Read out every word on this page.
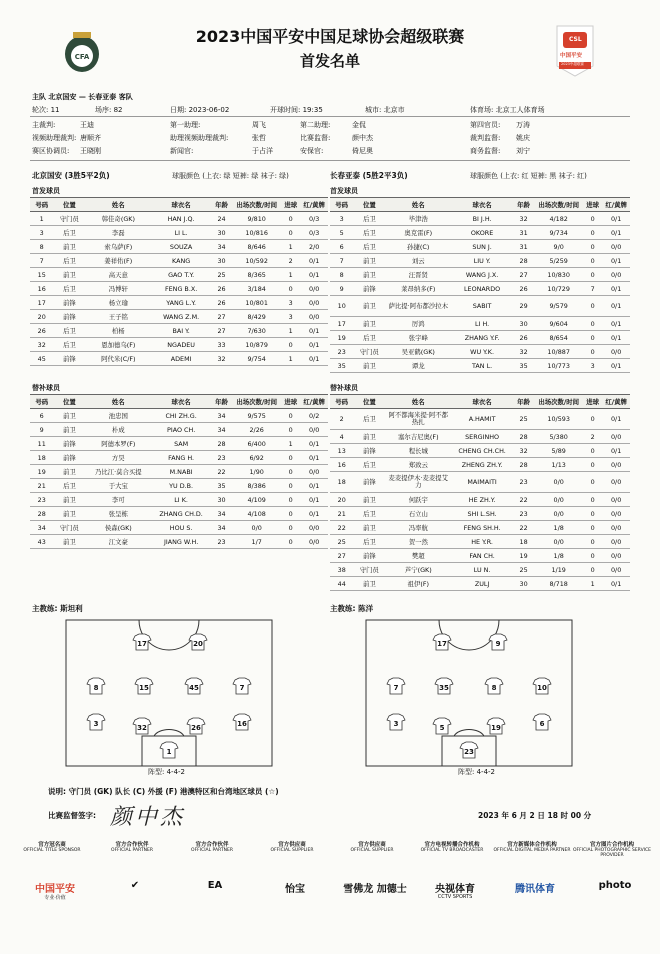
CFA
2023中国平安中国足球协会超级联赛
首发名单	中国平安
CSL
2023中超联赛
主队 北京国安 — 长春亚泰 客队
轮次: 11	场序: 82	日期: 2023-06-02	开球时间: 19:35	城市: 北京市	体育场: 北京工人体育场
主裁判:	王迪	第一助理:	周飞	第二助理:	金侃	第四官员: 万涛
视频助理裁判: 唐顺齐	助理视频助理裁判:	张哲	比赛监督:	颜中杰	裁判监督: 姚庆
赛区协调员: 王晓刚	新闻官:	于占洋	安保官:	倚尼奥	商务监督: 刘宁
北京国安 (3胜5平2负)	球服颜色 (上衣: 绿 短裤: 绿 袜子: 绿)	长春亚泰 (5胜2平3负)	球服颜色 (上衣: 红 短裤: 黑 袜子: 红)
首发球员	首发球员
号码	位置	姓名	球衣名	年龄	出场次数/时间	进球	红/黄牌
1	守门员	韩佳奇(GK)	HAN J.Q.	24	9/810	0	0/3
3	后卫	李磊	LI L.	30	10/816	0	0/3
8	前卫	索乌萨(F)	SOUZA	34	8/646	1	2/0
7	后卫	姜祥佑(F)	KANG	30	10/592	2	0/1
15	前卫	高天意	GAO T.Y.	25	8/365	1	0/1
16	后卫	冯博轩	FENG B.X.	26	3/184	0	0/0
17	前锋	杨立瑜	YANG L.Y.	26	10/801	3	0/0
20	前锋	王子铭	WANG Z.M.	27	8/429	3	0/0
26	后卫	柏杨	BAI Y.	27	7/630	1	0/1
32	后卫	恩加德乌(F)	NGADEU	33	10/879	0	0/1
45	前锋	阿代米(C/F)	ADEMI	32	9/754	1	0/1
号码	位置	姓名	球衣名	年龄	出场次数/时间	进球	红/黄牌
3	后卫	毕津浩	BI J.H.	32	4/182	0	0/1
5	后卫	奥克雷(F)	OKORE	31	9/734	0	0/1
6	后卫	孙捷(C)	SUN J.	31	9/0	0	0/0
7	前卫	刘云	LIU Y.	28	5/259	0	0/1
8	前卫	汪晋贤	WANG J.X.	27	10/830	0	0/0
9	前锋	莱昂纳多(F)	LEONARDO	26	10/729	7	0/1
10	前卫	萨比提·阿布都沙拉木	SABIT	29	9/579	0	0/1
17	前卫	厉鸿	LI H.	30	9/604	0	0/1
19	后卫	张宇峰	ZHANG Y.F.	26	8/654	0	0/1
23	守门员	吴亚鹤(GK)	WU Y.K.	32	10/887	0	0/0
35	前卫	谭龙	TAN L.	35	10/773	3	0/1
替补球员	替补球员
号码	位置	姓名	球衣名	年龄	出场次数/时间	进球	红/黄牌
6	前卫	池忠国	CHI ZH.G.	34	9/575	0	0/2
9	前卫	朴成	PIAO CH.	34	2/26	0	0/0
11	前锋	阿德本罗(F)	SAM	28	6/400	1	0/1
18	前锋	方昊	FANG H.	23	6/92	0	0/1
19	前卫	乃比江·莫合买提	M.NABI	22	1/90	0	0/0
21	后卫	于大宝	YU D.B.	35	8/386	0	0/1
23	前卫	李可	LI K.	30	4/109	0	0/1
28	前卫	张呈栋	ZHANG CH.D.	34	4/108	0	0/1
34	守门员	侯森(GK)	HOU S.	34	0/0	0	0/0
43	前卫	江文豪	JIANG W.H.	23	1/7	0	0/0
号码	位置	姓名	球衣名	年龄	出场次数/时间	进球	红/黄牌
2	后卫	阿不都海米提·阿不都热扎	A.HAMIT	25	10/593	0	0/1
4	前卫	塞尔吉尼奥(F)	SERGINHO	28	5/380	2	0/0
13	前锋	程长城	CHENG CH.CH.	32	5/89	0	0/1
16	后卫	郑致云	ZHENG ZH.Y.	28	1/13	0	0/0
18	前锋	麦麦提伊木·麦麦提艾力	MAIMAITI	23	0/0	0	0/0
20	前卫	何跃宇	HE ZH.Y.	22	0/0	0	0/0
21	后卫	石立山	SHI L.SH.	23	0/0	0	0/0
22	前卫	冯率航	FENG SH.H.	22	1/8	0	0/0
25	后卫	贺一然	HE Y.R.	18	0/0	0	0/0
27	前锋	樊超	FAN CH.	19	1/8	0	0/0
38	守门员	芦宁(GK)	LU N.	25	1/19	0	0/0
44	前卫	祖伊(F)	ZULJ	30	8/718	1	0/1
主教练: 斯坦利	主教练: 陈洋
1
3	32	26	16
8	15	45	7
17	20
23
3	5	19	6
7	35	8	10
17	9
阵型: 4-4-2	阵型: 4-4-2
说明: 守门员 (GK) 队长 (C) 外援 (F) 港澳特区和台湾地区球员 (☆)
比赛监督签字: 颜中杰	2023 年 6 月 2 日 18 时 00 分
官方冠名商
OFFICIAL TITLE SPONSOR
中国平安
专业·价值
官方合作伙伴
OFFICIAL PARTNER
✔
官方合作伙伴
OFFICIAL PARTNER
EA
官方供应商
OFFICIAL SUPPLIER
怡宝
官方供应商
OFFICIAL SUPPLIER
雪佛龙 加德士
官方电视转播合作机构
OFFICIAL TV BROADCASTER
央视体育
CCTV SPORTS
官方新媒体合作机构
OFFICIAL DIGITAL MEDIA PARTNER
腾讯体育
官方图片合作机构
OFFICIAL PHOTOGRAPHIC SERVICE PROVIDER
photo
